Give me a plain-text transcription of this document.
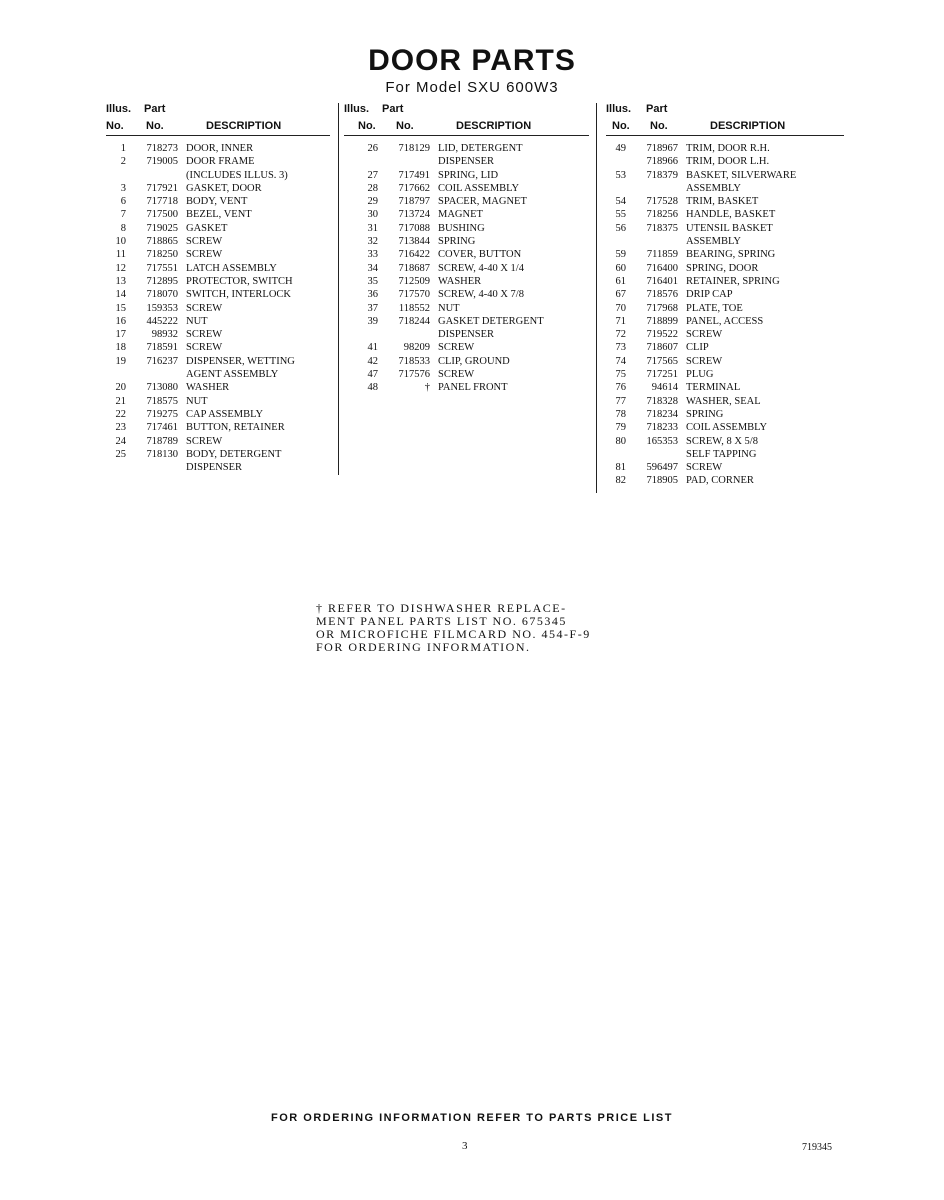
DOOR PARTS
For Model SXU 600W3
Illus. Part
No. No.	DESCRIPTION
1	718273 DOOR, INNER
2	719005 DOOR FRAME
(INCLUDES ILLUS. 3)
3	717921 GASKET, DOOR
6	717718 BODY, VENT
7	717500 BEZEL, VENT
8	719025 GASKET
10	718865 SCREW
11	718250 SCREW
12	717551 LATCH ASSEMBLY
13	712895 PROTECTOR, SWITCH
14	718070 SWITCH, INTERLOCK
15	159353 SCREW
16	445222 NUT
17	98932 SCREW
18	718591 SCREW
19	716237 DISPENSER, WETTING
AGENT ASSEMBLY
20	713080 WASHER
21	718575 NUT
22	719275 CAP ASSEMBLY
23	717461 BUTTON, RETAINER
24	718789 SCREW
25	718130 BODY, DETERGENT
DISPENSER
Illus. Part
No. No.	DESCRIPTION
26	718129 LID, DETERGENT
DISPENSER
27	717491 SPRING, LID
28	717662 COIL ASSEMBLY
29	718797 SPACER, MAGNET
30	713724 MAGNET
31	717088 BUSHING
32	713844 SPRING
33	716422 COVER, BUTTON
34	718687 SCREW, 4-40 X 1/4
35	712509 WASHER
36	717570 SCREW, 4-40 X 7/8
37	118552 NUT
39	718244 GASKET DETERGENT
DISPENSER
41	98209 SCREW
42	718533 CLIP, GROUND
47	717576 SCREW
48	† PANEL FRONT
Illus. Part
No. No.	DESCRIPTION
49	718967 TRIM, DOOR R.H.
718966 TRIM, DOOR L.H.
53	718379 BASKET, SILVERWARE
ASSEMBLY
54	717528 TRIM, BASKET
55	718256 HANDLE, BASKET
56	718375 UTENSIL BASKET
ASSEMBLY
59	711859 BEARING, SPRING
60	716400 SPRING, DOOR
61	716401 RETAINER, SPRING
67	718576 DRIP CAP
70	717968 PLATE, TOE
71	718899 PANEL, ACCESS
72	719522 SCREW
73	718607 CLIP
74	717565 SCREW
75	717251 PLUG
76	94614 TERMINAL
77	718328 WASHER, SEAL
78	718234 SPRING
79	718233 COIL ASSEMBLY
80	165353 SCREW, 8 X 5/8
SELF TAPPING
81	596497 SCREW
82	718905 PAD, CORNER
† REFER TO DISHWASHER REPLACE-
MENT PANEL PARTS LIST NO. 675345
OR MICROFICHE FILMCARD NO. 454-F-9
FOR ORDERING INFORMATION.
FOR ORDERING INFORMATION REFER TO PARTS PRICE LIST
3	719345
